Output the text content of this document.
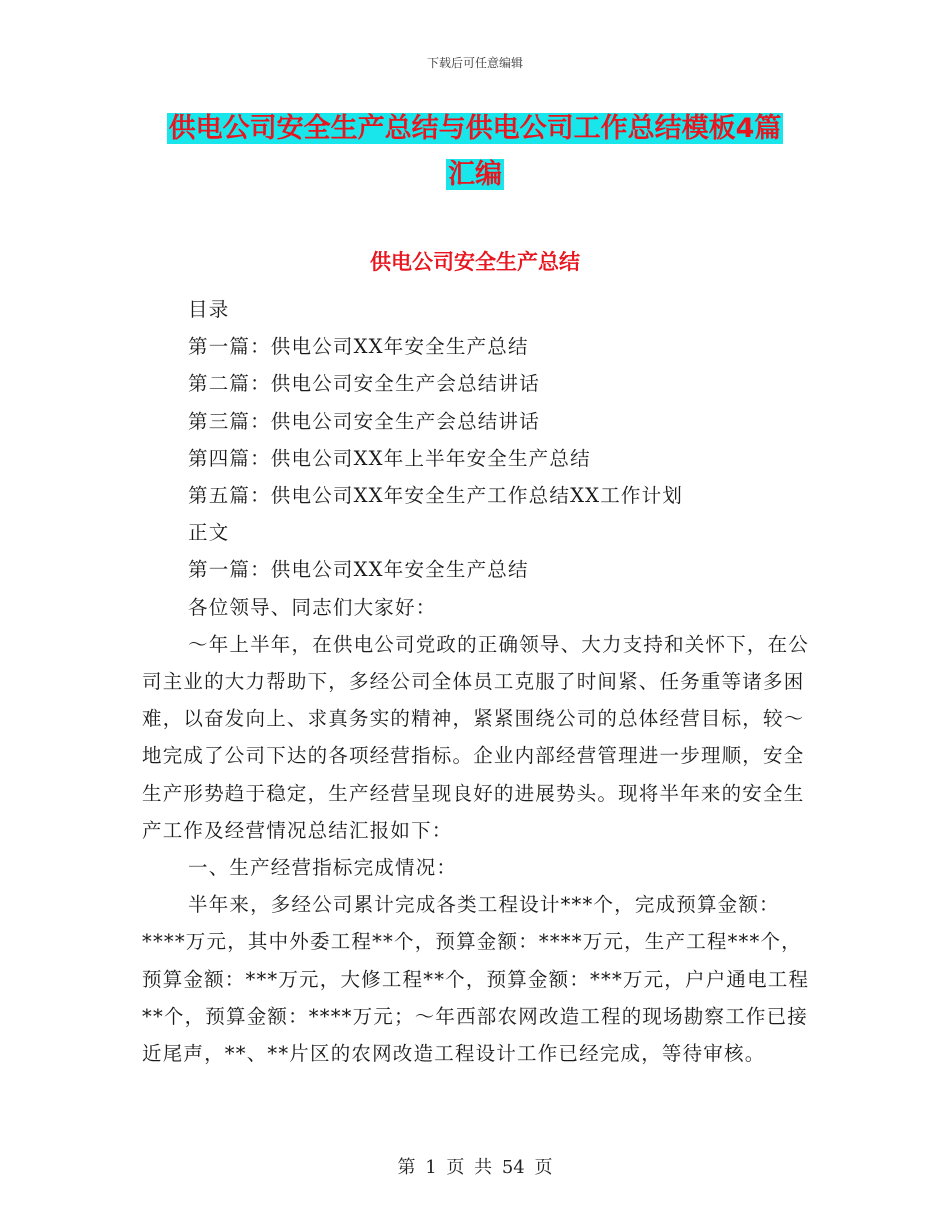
下载后可任意编辑
供电公司安全生产总结与供电公司工作总结模板4篇
汇编
供电公司安全生产总结

目录

第一篇：供电公司XX年安全生产总结

第二篇：供电公司安全生产会总结讲话

第三篇：供电公司安全生产会总结讲话

第四篇：供电公司XX年上半年安全生产总结

第五篇：供电公司XX年安全生产工作总结XX工作计划

正文

第一篇：供电公司XX年安全生产总结

各位领导、同志们大家好：

～年上半年，在供电公司党政的正确领导、大力支持和关怀下，在公司主业的大力帮助下，多经公司全体员工克服了时间紧、任务重等诸多困难，以奋发向上、求真务实的精神，紧紧围绕公司的总体经营目标，较～地完成了公司下达的各项经营指标。企业内部经营管理进一步理顺，安全生产形势趋于稳定，生产经营呈现良好的进展势头。现将半年来的安全生产工作及经营情况总结汇报如下：

一、生产经营指标完成情况：

半年来，多经公司累计完成各类工程设计***个，完成预算金额：****万元，其中外委工程**个，预算金额：****万元，生产工程***个，预算金额：***万元，大修工程**个，预算金额：***万元，户户通电工程**个，预算金额：****万元；～年西部农网改造工程的现场勘察工作已接近尾声，**、**片区的农网改造工程设计工作已经完成，等待审核。

第 1 页 共 54 页
